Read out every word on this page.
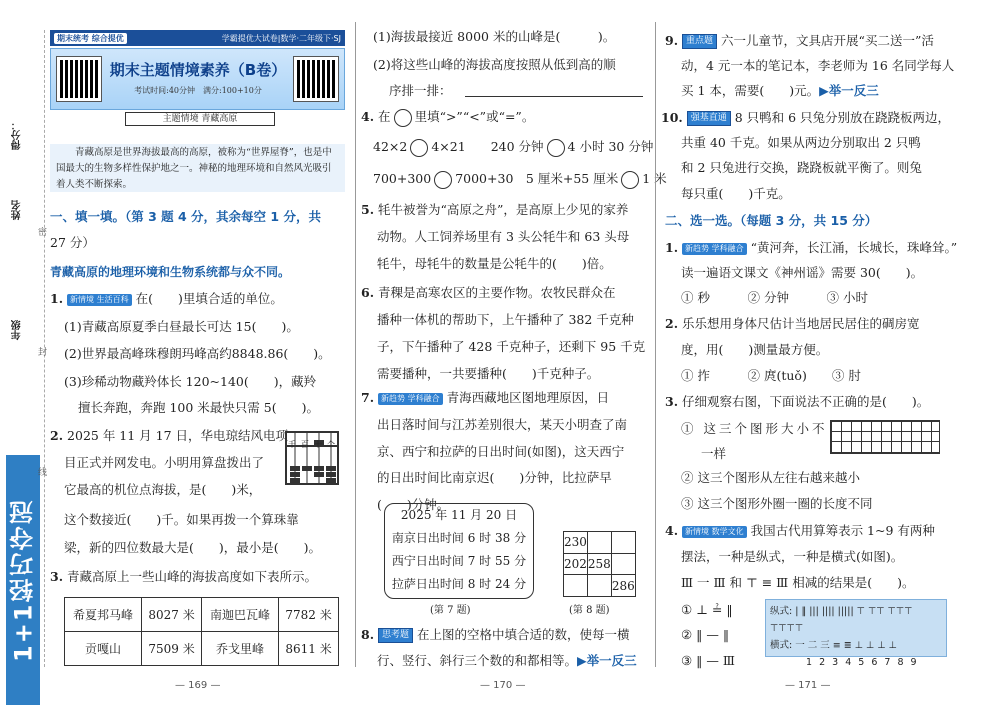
1+1轻巧夺冠
得分：
姓名
年级
密
封
线
期末统考 综合提优	学霸提优大试卷|数学·二年级下·SJ
期末主题情境素养（B卷）
考试时间:40分钟　 满分:100+10分
主题情境 青藏高原
青藏高原是世界海拔最高的高原，被称为“世界屋脊”，也是中国最大的生物多样性保护地之一。神秘的地理环境和自然风光吸引着人类不断探索。
一、填一填。（第 3 题 4 分，其余每空 1 分，共
27 分）
青藏高原的地理环境和生物系统都与众不同。
1. 新情境 生活百科 在(　　)里填合适的单位。
(1)青藏高原夏季白昼最长可达 15(　　)。
(2)世界最高峰珠穆朗玛峰高约8848.86(　　)。
(3)珍稀动物藏羚体长 120~140(　　)，藏羚
擅长奔跑，奔跑 100 米最快只需 5(　　)。
2. 2025 年 11 月 17 日，华电琼结风电项
目正式并网发电。小明用算盘拨出了
它最高的机位点海拔，是(　　)米，
这个数接近(　　)千。如果再拨一个算珠靠
梁，新的四位数最大是(　　)，最小是(　　)。
千百十个
3. 青藏高原上一些山峰的海拔高度如下表所示。
希夏邦马峰	8027 米	南迦巴瓦峰	7782 米
贡嘎山	7509 米	乔戈里峰	8611 米
— 169 —
(1)海拔最接近 8000 米的山峰是(　　　)。
(2)将这些山峰的海拔高度按照从低到高的顺
序排一排：
4. 在 里填“>”“<”或“=”。
42×2 4×21　　 240 分钟 4 小时 30 分钟
700+300 7000+30　 5 厘米+55 厘米 1 米
5. 牦牛被誉为“高原之舟”，是高原上少见的家养
动物。人工饲养场里有 3 头公牦牛和 63 头母
牦牛，母牦牛的数量是公牦牛的(　　)倍。
6. 青稞是高寒农区的主要作物。农牧民群众在
播种一体机的帮助下，上午播种了 382 千克种
子，下午播种了 428 千克种子，还剩下 95 千克
需要播种，一共要播种(　　)千克种子。
7. 新趋势 学科融合 青海西藏地区图地理原因，日
出日落时间与江苏差别很大，某天小明查了南
京、西宁和拉萨的日出时间(如图)，这天西宁
的日出时间比南京迟(　　)分钟，比拉萨早
(　　)分钟。
— 170 —
2025 年 11 月 20 日
南京日出时间 6 时 38 分
西宁日出时间 7 时 55 分
拉萨日出时间 8 时 24 分
230		
202	258	
		286
(第 7 题)	(第 8 题)
8. 思考题 在上图的空格中填合适的数，使每一横
行、竖行、斜行三个数的和都相等。▶举一反三
9. 重点题 六一儿童节，文具店开展“买二送一”活
动，4 元一本的笔记本，李老师为 16 名同学每人
买 1 本，需要(　　)元。▶举一反三
10. 强基直通 8 只鸭和 6 只兔分别放在跷跷板两边，
共重 40 千克。如果从两边分别取出 2 只鸭
和 2 只兔进行交换，跷跷板就平衡了。则兔
每只重(　　)千克。
二、选一选。（每题 3 分，共 15 分）
1. 新趋势 学科融合 “黄河奔，长江涌，长城长，珠峰耸。”
读一遍语文课文《神州谣》需要 30(　　)。
① 秒　　　	② 分钟　　　	③ 小时
2. 乐乐想用身体尺估计当地居民居住的碉房宽
度，用(　　)测量最方便。
① 拃　　　	② 庹(tuǒ)　　 ③ 肘
3. 仔细观察右图，下面说法不正确的是(　　)。
① 这三个图形大小不
一样
② 这三个图形从左往右越来越小
③ 这三个图形外圈一圈的长度不同
4. 新情境 数学文化 我国古代用算筹表示 1~9 有两种
摆法，一种是纵式，一种是横式(如图)。
Ⅲ 一 Ⅲ 和 ⊤ ≡ Ⅲ 相减的结果是(　　)。
① ⊥ ≟ ‖
② ‖ — ‖
③ ‖ — Ⅲ
— 171 —
纵式: | ‖ ||| |||| ||||| ⊤ ⊤⊤ ⊤⊤⊤ ⊤⊤⊤⊤
横式: 一 二 三 ≡ ≣ ⊥ ⊥ ⊥ ⊥
1 2 3 4 5 6 7 8 9
